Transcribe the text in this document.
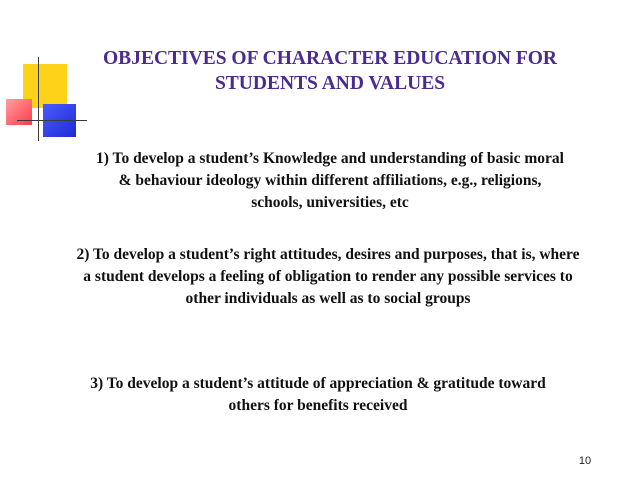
OBJECTIVES OF CHARACTER EDUCATION FOR
STUDENTS AND VALUES

1) To develop a student’s Knowledge and understanding of basic moral
& behaviour ideology within different affiliations, e.g., religions,
schools, universities, etc

2) To develop a student’s right attitudes, desires and purposes, that is, where
a student develops a feeling of obligation to render any possible services to
other individuals as well as to social groups

3) To develop a student’s attitude of appreciation & gratitude toward
others for benefits received

10
